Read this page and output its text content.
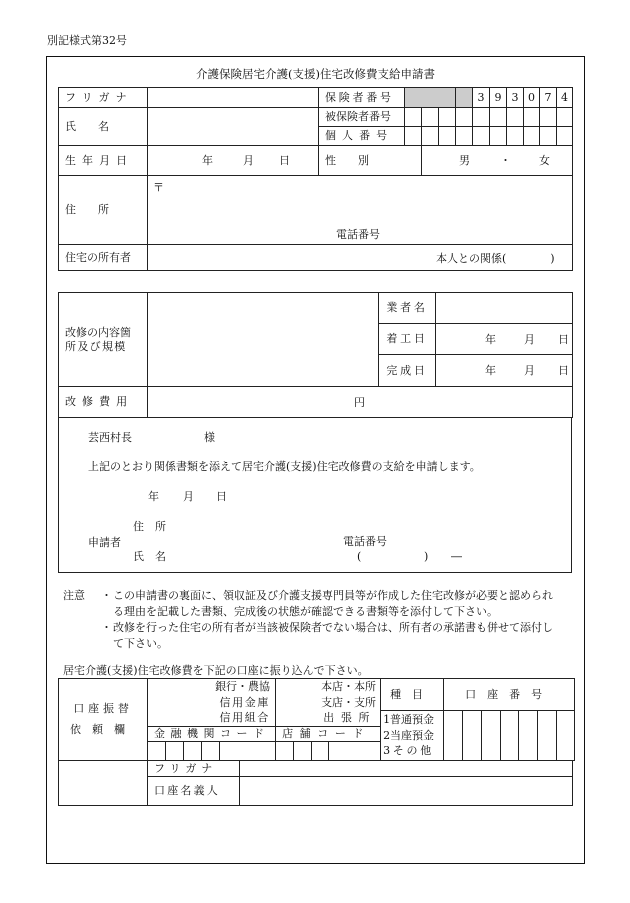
別記様式第32号
介護保険居宅介護(支援)住宅改修費支給申請書
フリガナ		保険者番号					3	9	3	0	7	4
氏　　名		被保険者番号										
		個人番号										
生年月日	年 月 日	性　　別		男 ・ 女								

住　　所	〒
電話番号											

住宅の所有者	本人との関係(　　　　)											
改修の内容箇
所及び規模		業者名	
		着工日	年 月 日

		完成日	年 月 日

改修費用	円		
芸西村長	様
上記のとおり関係書類を添えて居宅介護(支援)住宅改修費の支給を申請します。
年 月 日
住　所
申請者
氏　名
電話番号
(	) ―
注意 ・ この申請書の裏面に、領収証及び介護支援専門員等が作成した住宅改修が必要と認められ
る理由を記載した書類、完成後の状態が確認できる書類等を添付して下さい。
・ 改修を行った住宅の所有者が当該被保険者でない場合は、所有者の承諾書も併せて添付し
て下さい。
居宅介護(支援)住宅改修費を下記の口座に振り込んで下さい。
口座振替
依頼欄	銀行・農協					本店・本所				種目	口座番号						
	信用金庫					支店・支所											
	信用組合					出張所				1普通預金
2当座預金
3その他							

	金融機関コード					店舗コード											

フリガナ	
口座名義人	
